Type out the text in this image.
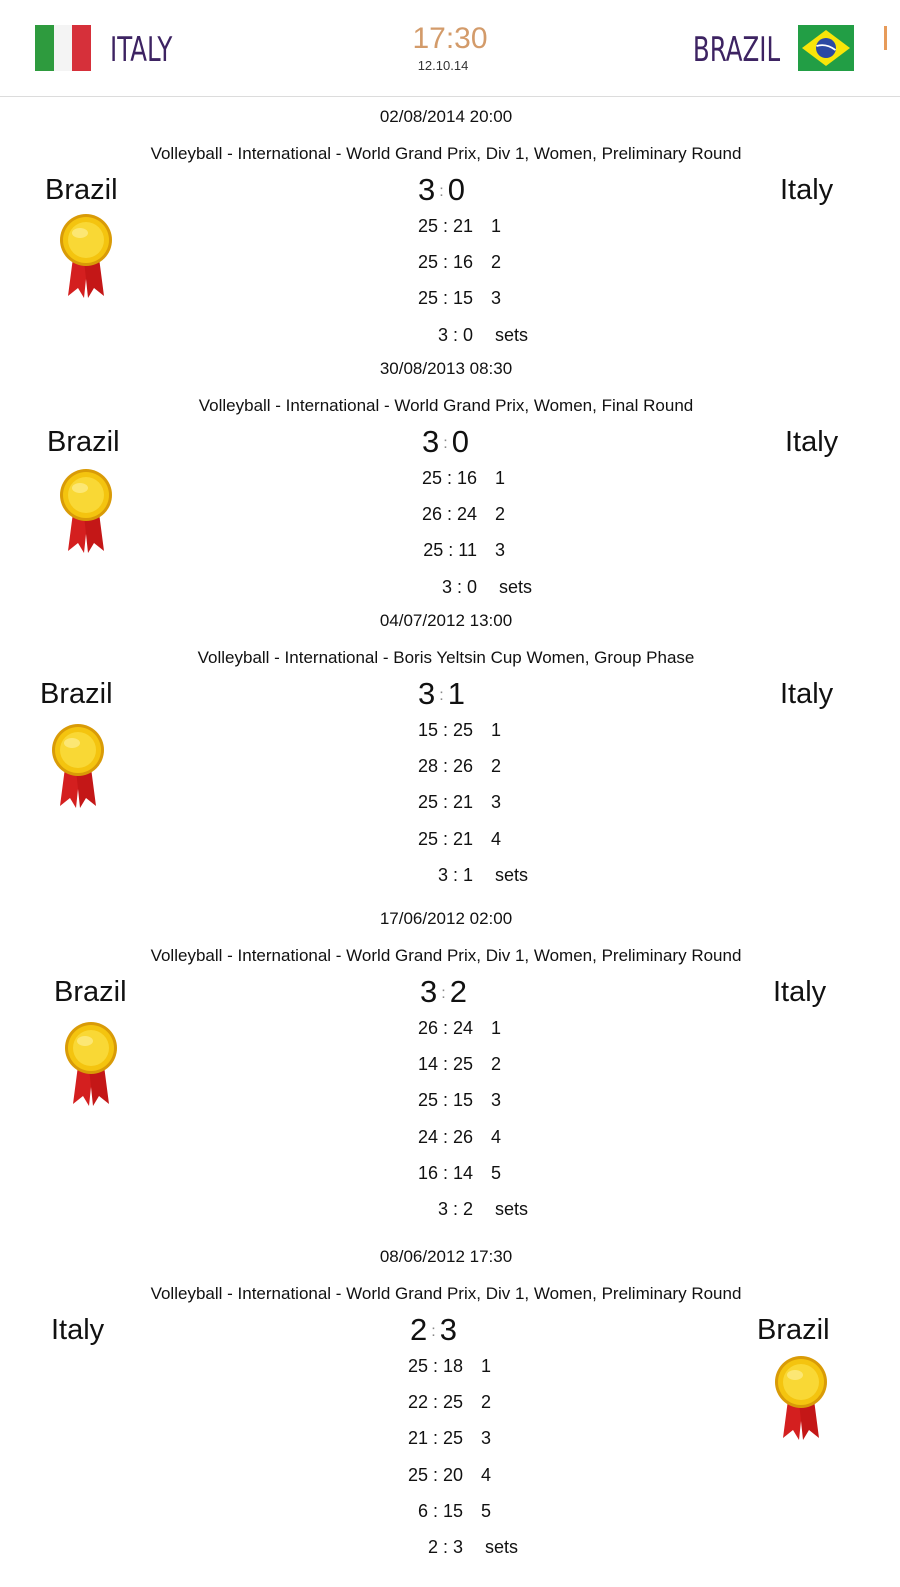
ITALY	17:30
12.10.14	BRAZIL
02/08/2014 20:00
Volleyball - International - World Grand Prix, Div 1, Women, Preliminary Round
Brazil	Italy
3 : 0
25 : 21 1
25 : 16 2
25 : 15 3
3 : 0 sets
30/08/2013 08:30
Volleyball - International - World Grand Prix, Women, Final Round
Brazil	Italy
3 : 0
25 : 16 1
26 : 24 2
25 : 11 3
3 : 0 sets
04/07/2012 13:00
Volleyball - International - Boris Yeltsin Cup Women, Group Phase
Brazil	Italy
3 : 1
15 : 25 1
28 : 26 2
25 : 21 3
25 : 21 4
3 : 1 sets
17/06/2012 02:00
Volleyball - International - World Grand Prix, Div 1, Women, Preliminary Round
Brazil	Italy
3 : 2
26 : 24 1
14 : 25 2
25 : 15 3
24 : 26 4
16 : 14 5
3 : 2 sets
08/06/2012 17:30
Volleyball - International - World Grand Prix, Div 1, Women, Preliminary Round
Italy	Brazil
2 : 3
25 : 18 1
22 : 25 2
21 : 25 3
25 : 20 4
6 : 15 5
2 : 3 sets
